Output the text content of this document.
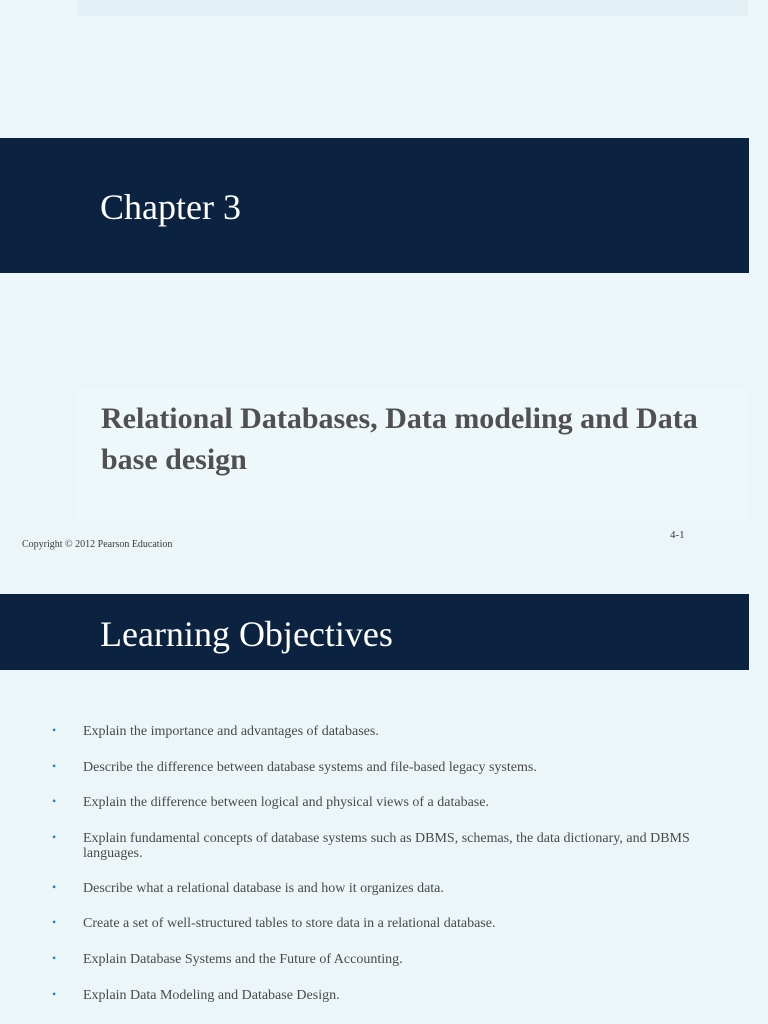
Chapter 3
Relational Databases, Data modeling and Data base design
Copyright © 2012 Pearson Education
4-1
Learning Objectives
• Explain the importance and advantages of databases.
• Describe the difference between database systems and file-based legacy systems.
• Explain the difference between logical and physical views of a database.
• Explain fundamental concepts of database systems such as DBMS, schemas, the data dictionary, and DBMS languages.
• Describe what a relational database is and how it organizes data.
• Create a set of well-structured tables to store data in a relational database.
• Explain Database Systems and the Future of Accounting.
• Explain Data Modeling and Database Design.
